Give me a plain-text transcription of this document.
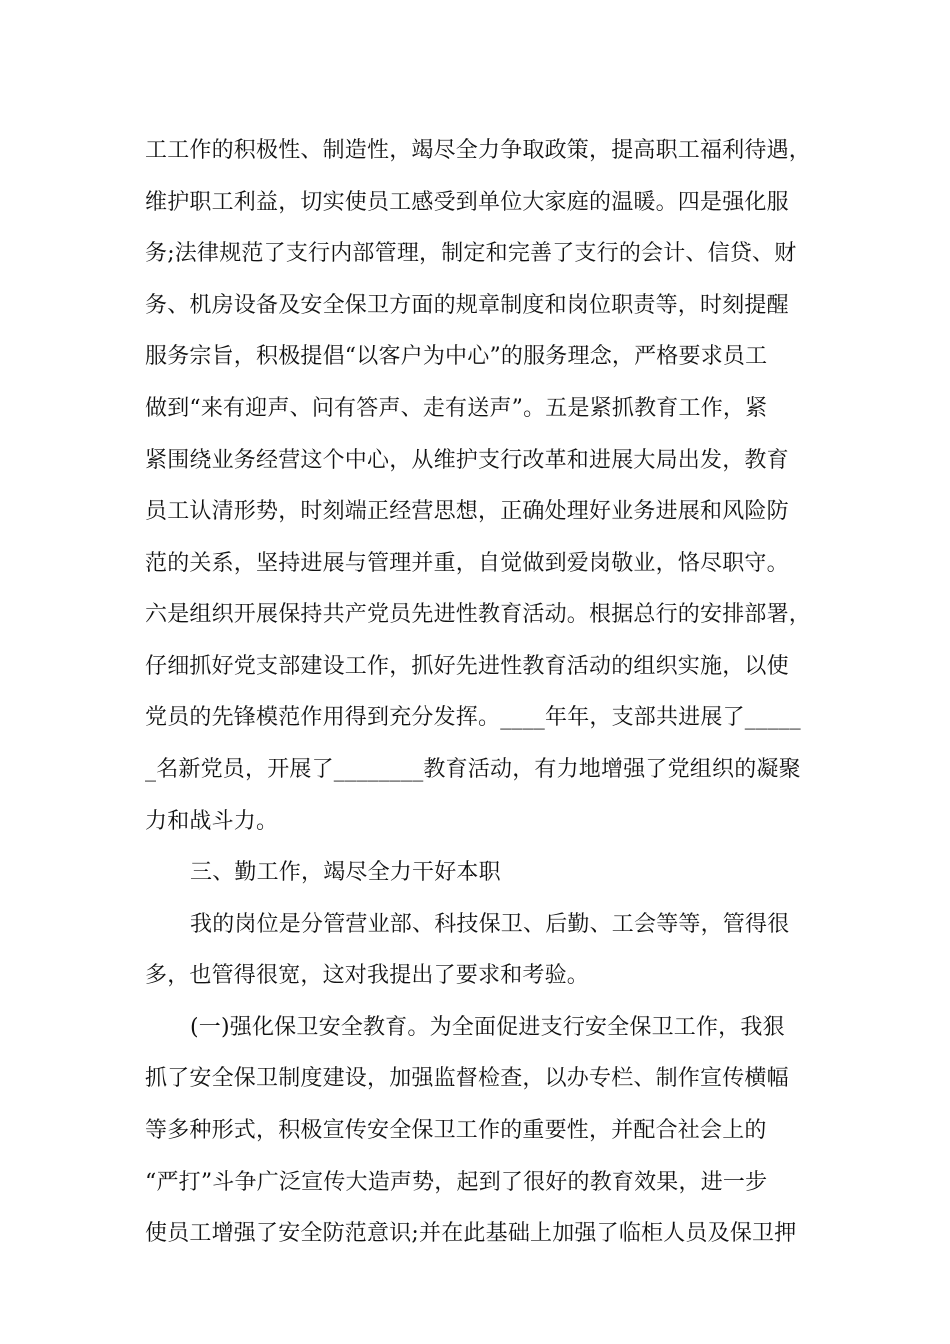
工工作的积极性、制造性，竭尽全力争取政策，提高职工福利待遇，
维护职工利益，切实使员工感受到单位大家庭的温暖。四是强化服
务;法律规范了支行内部管理，制定和完善了支行的会计、信贷、财
务、机房设备及安全保卫方面的规章制度和岗位职责等，时刻提醒
服务宗旨，积极提倡“以客户为中心”的服务理念，严格要求员工
做到“来有迎声、问有答声、走有送声”。五是紧抓教育工作，紧
紧围绕业务经营这个中心，从维护支行改革和进展大局出发，教育
员工认清形势，时刻端正经营思想，正确处理好业务进展和风险防
范的关系，坚持进展与管理并重，自觉做到爱岗敬业，恪尽职守。
六是组织开展保持共产党员先进性教育活动。根据总行的安排部署，
仔细抓好党支部建设工作，抓好先进性教育活动的组织实施，以使
党员的先锋模范作用得到充分发挥。____年年，支部共进展了_____
_名新党员，开展了________教育活动，有力地增强了党组织的凝聚
力和战斗力。
三、勤工作，竭尽全力干好本职
我的岗位是分管营业部、科技保卫、后勤、工会等等，管得很
多，也管得很宽，这对我提出了要求和考验。
(一)强化保卫安全教育。为全面促进支行安全保卫工作，我狠
抓了安全保卫制度建设，加强监督检查，以办专栏、制作宣传横幅
等多种形式，积极宣传安全保卫工作的重要性，并配合社会上的
“严打”斗争广泛宣传大造声势，起到了很好的教育效果，进一步
使员工增强了安全防范意识;并在此基础上加强了临柜人员及保卫押
